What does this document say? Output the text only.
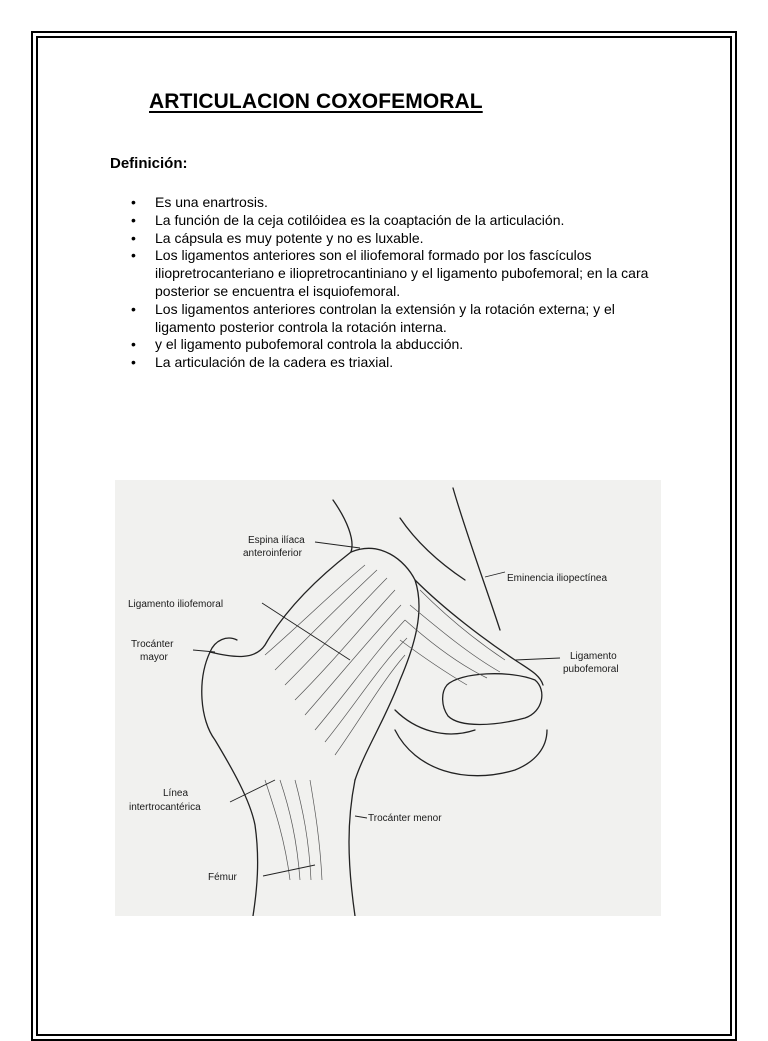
ARTICULACION COXOFEMORAL
Definición:
• Es una enartrosis.
• La función de la ceja cotilóidea es la coaptación de la articulación.
• La cápsula es muy potente y no es luxable.
• Los ligamentos anteriores son el iliofemoral formado por los fascículos iliopretrocanteriano e iliopretrocantiniano y el ligamento pubofemoral; en la cara posterior se encuentra el isquiofemoral.
• Los ligamentos anteriores controlan la extensión y la rotación externa; y el ligamento posterior controla la rotación interna.
• y el ligamento pubofemoral controla la abducción.
• La articulación de la cadera es triaxial.
Espina ilíaca
anteroinferior
Eminencia iliopectínea
Ligamento iliofemoral
Trocánter
mayor	Ligamento
pubofemoral
Línea
intertrocantérica
Trocánter menor
Fémur
